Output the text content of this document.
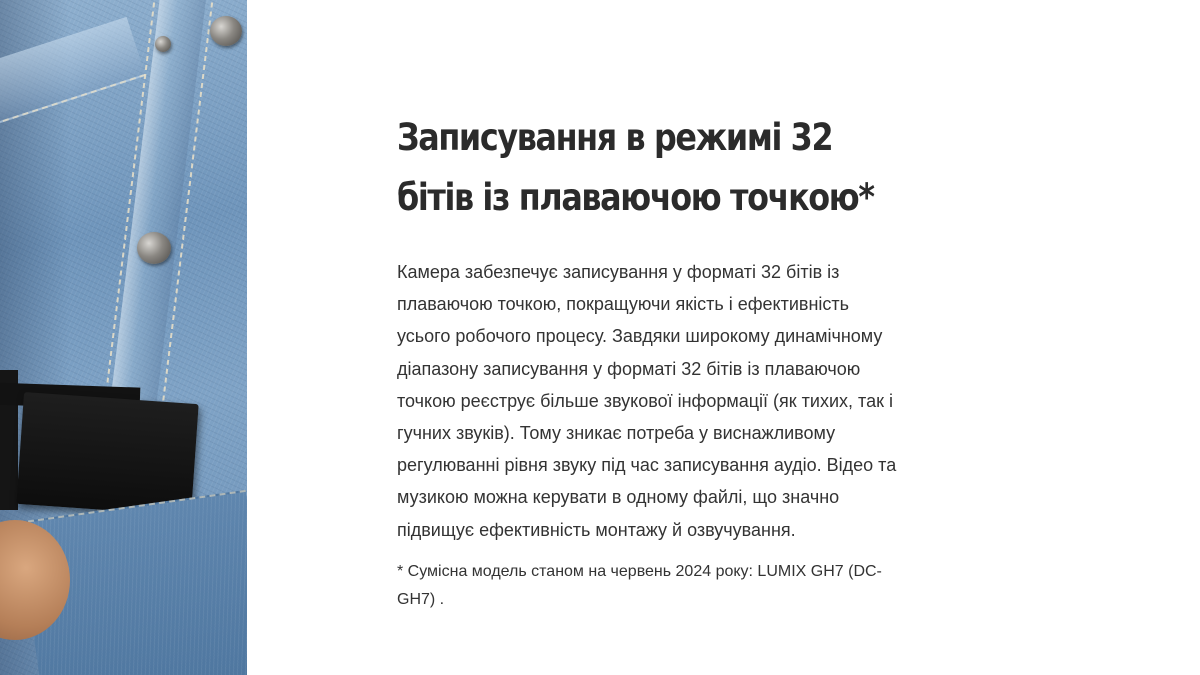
Записування в режимі 32 бітів із плаваючою точкою*

Камера забезпечує записування у форматі 32 бітів із плаваючою точкою, покращуючи якість і ефективність усього робочого процесу. Завдяки широкому динамічному діапазону записування у форматі 32 бітів із плаваючою точкою реєструє більше звукової інформації (як тихих, так і гучних звуків). Тому зникає потреба у виснажливому регулюванні рівня звуку під час записування аудіо. Відео та музикою можна керувати в одному файлі, що значно підвищує ефективність монтажу й озвучування.

* Сумісна модель станом на червень 2024 року: LUMIX GH7 (DC-GH7) .
